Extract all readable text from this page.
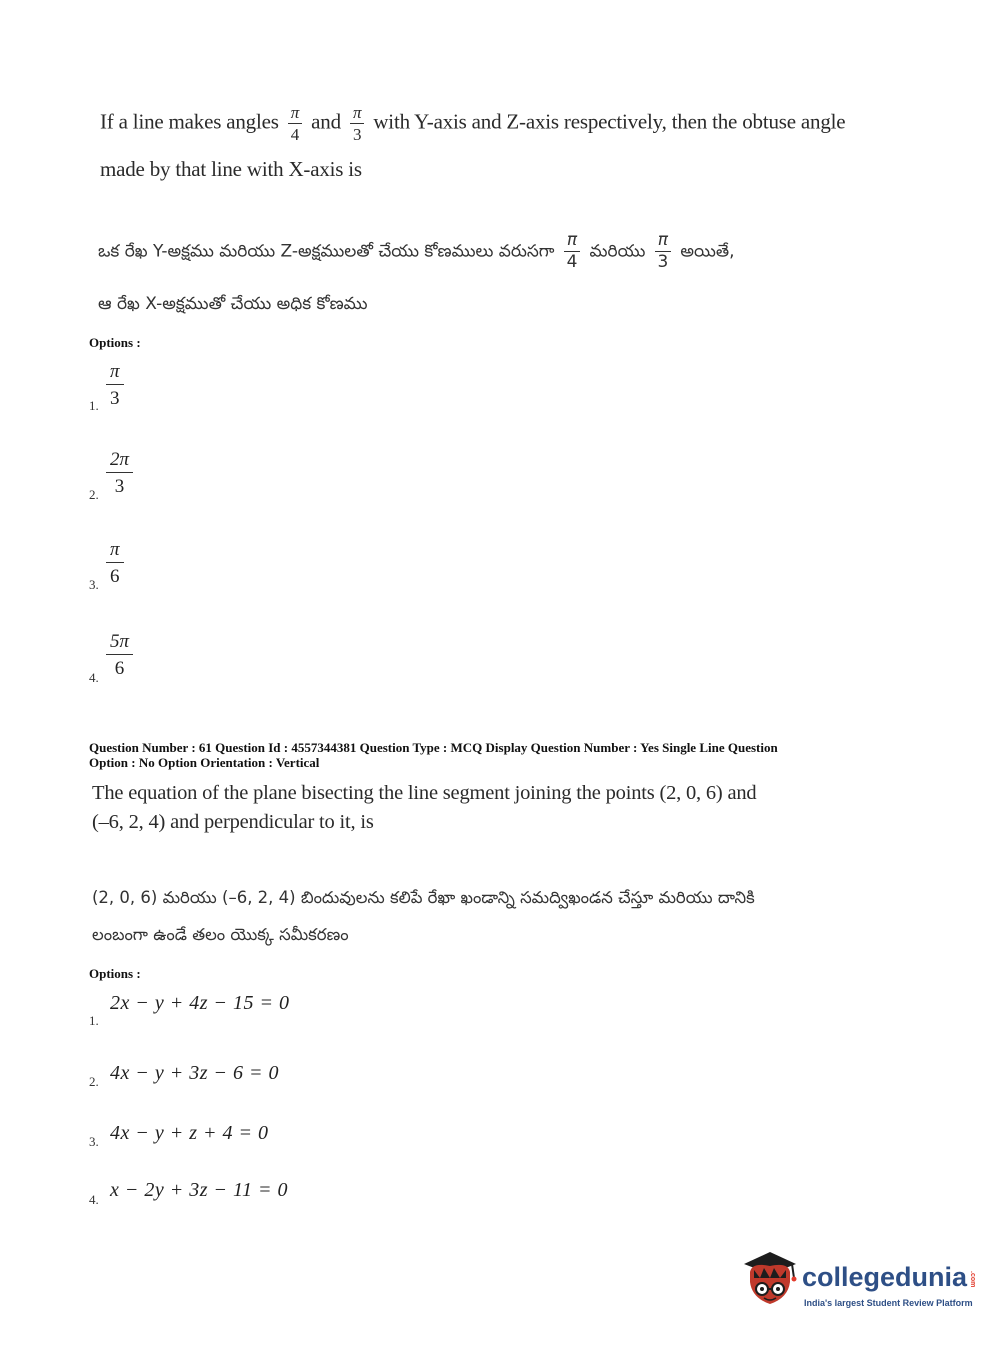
If a line makes angles $\frac{\pi}{4}$ and $\frac{\pi}{3}$ with Y-axis and Z-axis respectively, then the obtuse angle
made by that line with X-axis is
ఒక రేఖ Y-అక్షము మరియు Z-అక్షములతో చేయు కోణములు వరుసగా $\frac{\pi}{4}$ మరియు $\frac{\pi}{3}$ అయితే,
ఆ రేఖ X-అక్షముతో చేయు అధిక కోణము
Options :
1. $\frac{\pi}{3}$
2. $\frac{2\pi}{3}$
3. $\frac{\pi}{6}$
4. $\frac{5\pi}{6}$
Question Number : 61 Question Id : 4557344381 Question Type : MCQ Display Question Number : Yes Single Line Question
Option : No Option Orientation : Vertical
The equation of the plane bisecting the line segment joining the points (2, 0, 6) and
(–6, 2, 4) and perpendicular to it, is
(2, 0, 6) మరియు (–6, 2, 4) బిందువులను కలిపే రేఖా ఖండాన్ని సమద్విఖండన చేస్తూ మరియు దానికి
లంబంగా ఉండే తలం యొక్క సమీకరణం
Options :
1.
2x − y + 4z − 15 = 0
2. 4x − y + 3z − 6 = 0
3. 4x − y + z + 4 = 0
4. x − 2y + 3z − 11 = 0
collegedunia .com
India's largest Student Review Platform
